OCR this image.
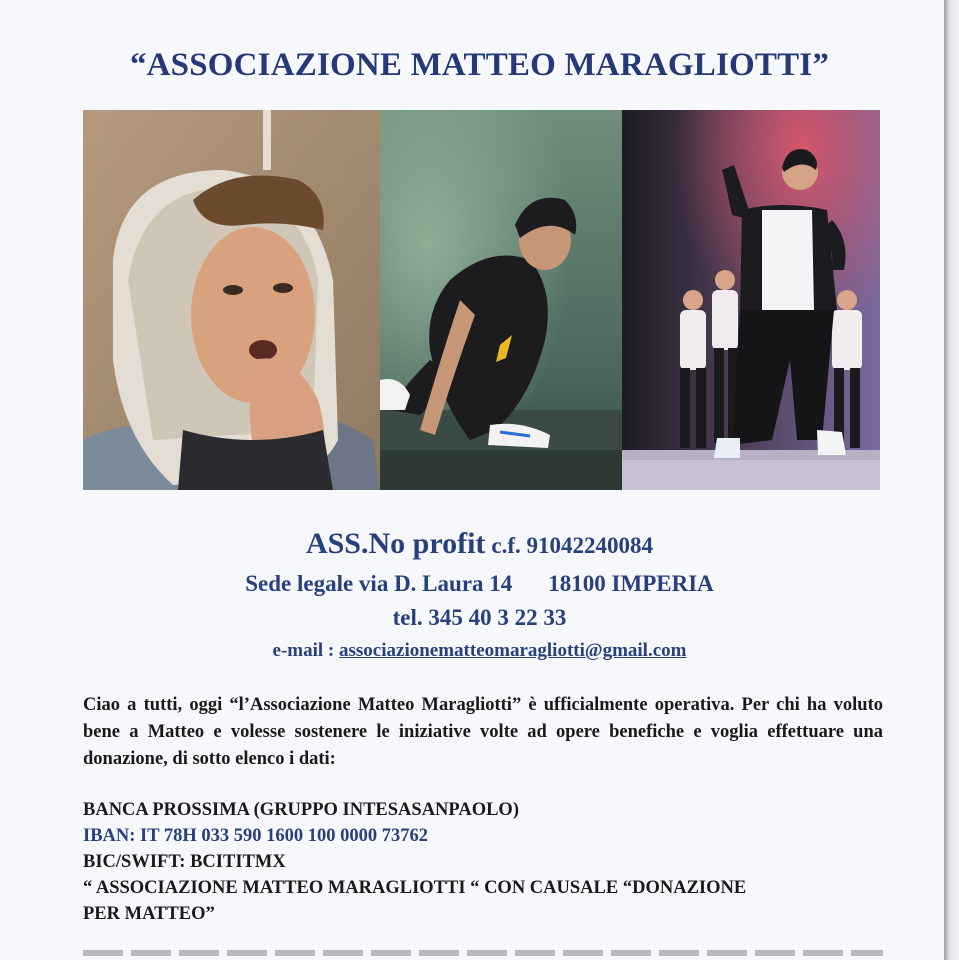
“ASSOCIAZIONE MATTEO MARAGLIOTTI”
ASS.No profit c.f. 91042240084
Sede legale via D. Laura 14 18100 IMPERIA
tel. 345 40 3 22 33
e-mail : associazionematteomaragliotti@gmail.com
Ciao a tutti, oggi “l’Associazione Matteo Maragliotti” è ufficialmente operativa. Per chi ha voluto bene a Matteo e volesse sostenere le iniziative volte ad opere benefiche e voglia effettuare una donazione, di sotto elenco i dati:
BANCA PROSSIMA (GRUPPO INTESASANPAOLO)
IBAN: IT 78H 033 590 1600 100 0000 73762
BIC/SWIFT: BCITITMX
“ ASSOCIAZIONE MATTEO MARAGLIOTTI “ CON CAUSALE “DONAZIONE
PER MATTEO”
